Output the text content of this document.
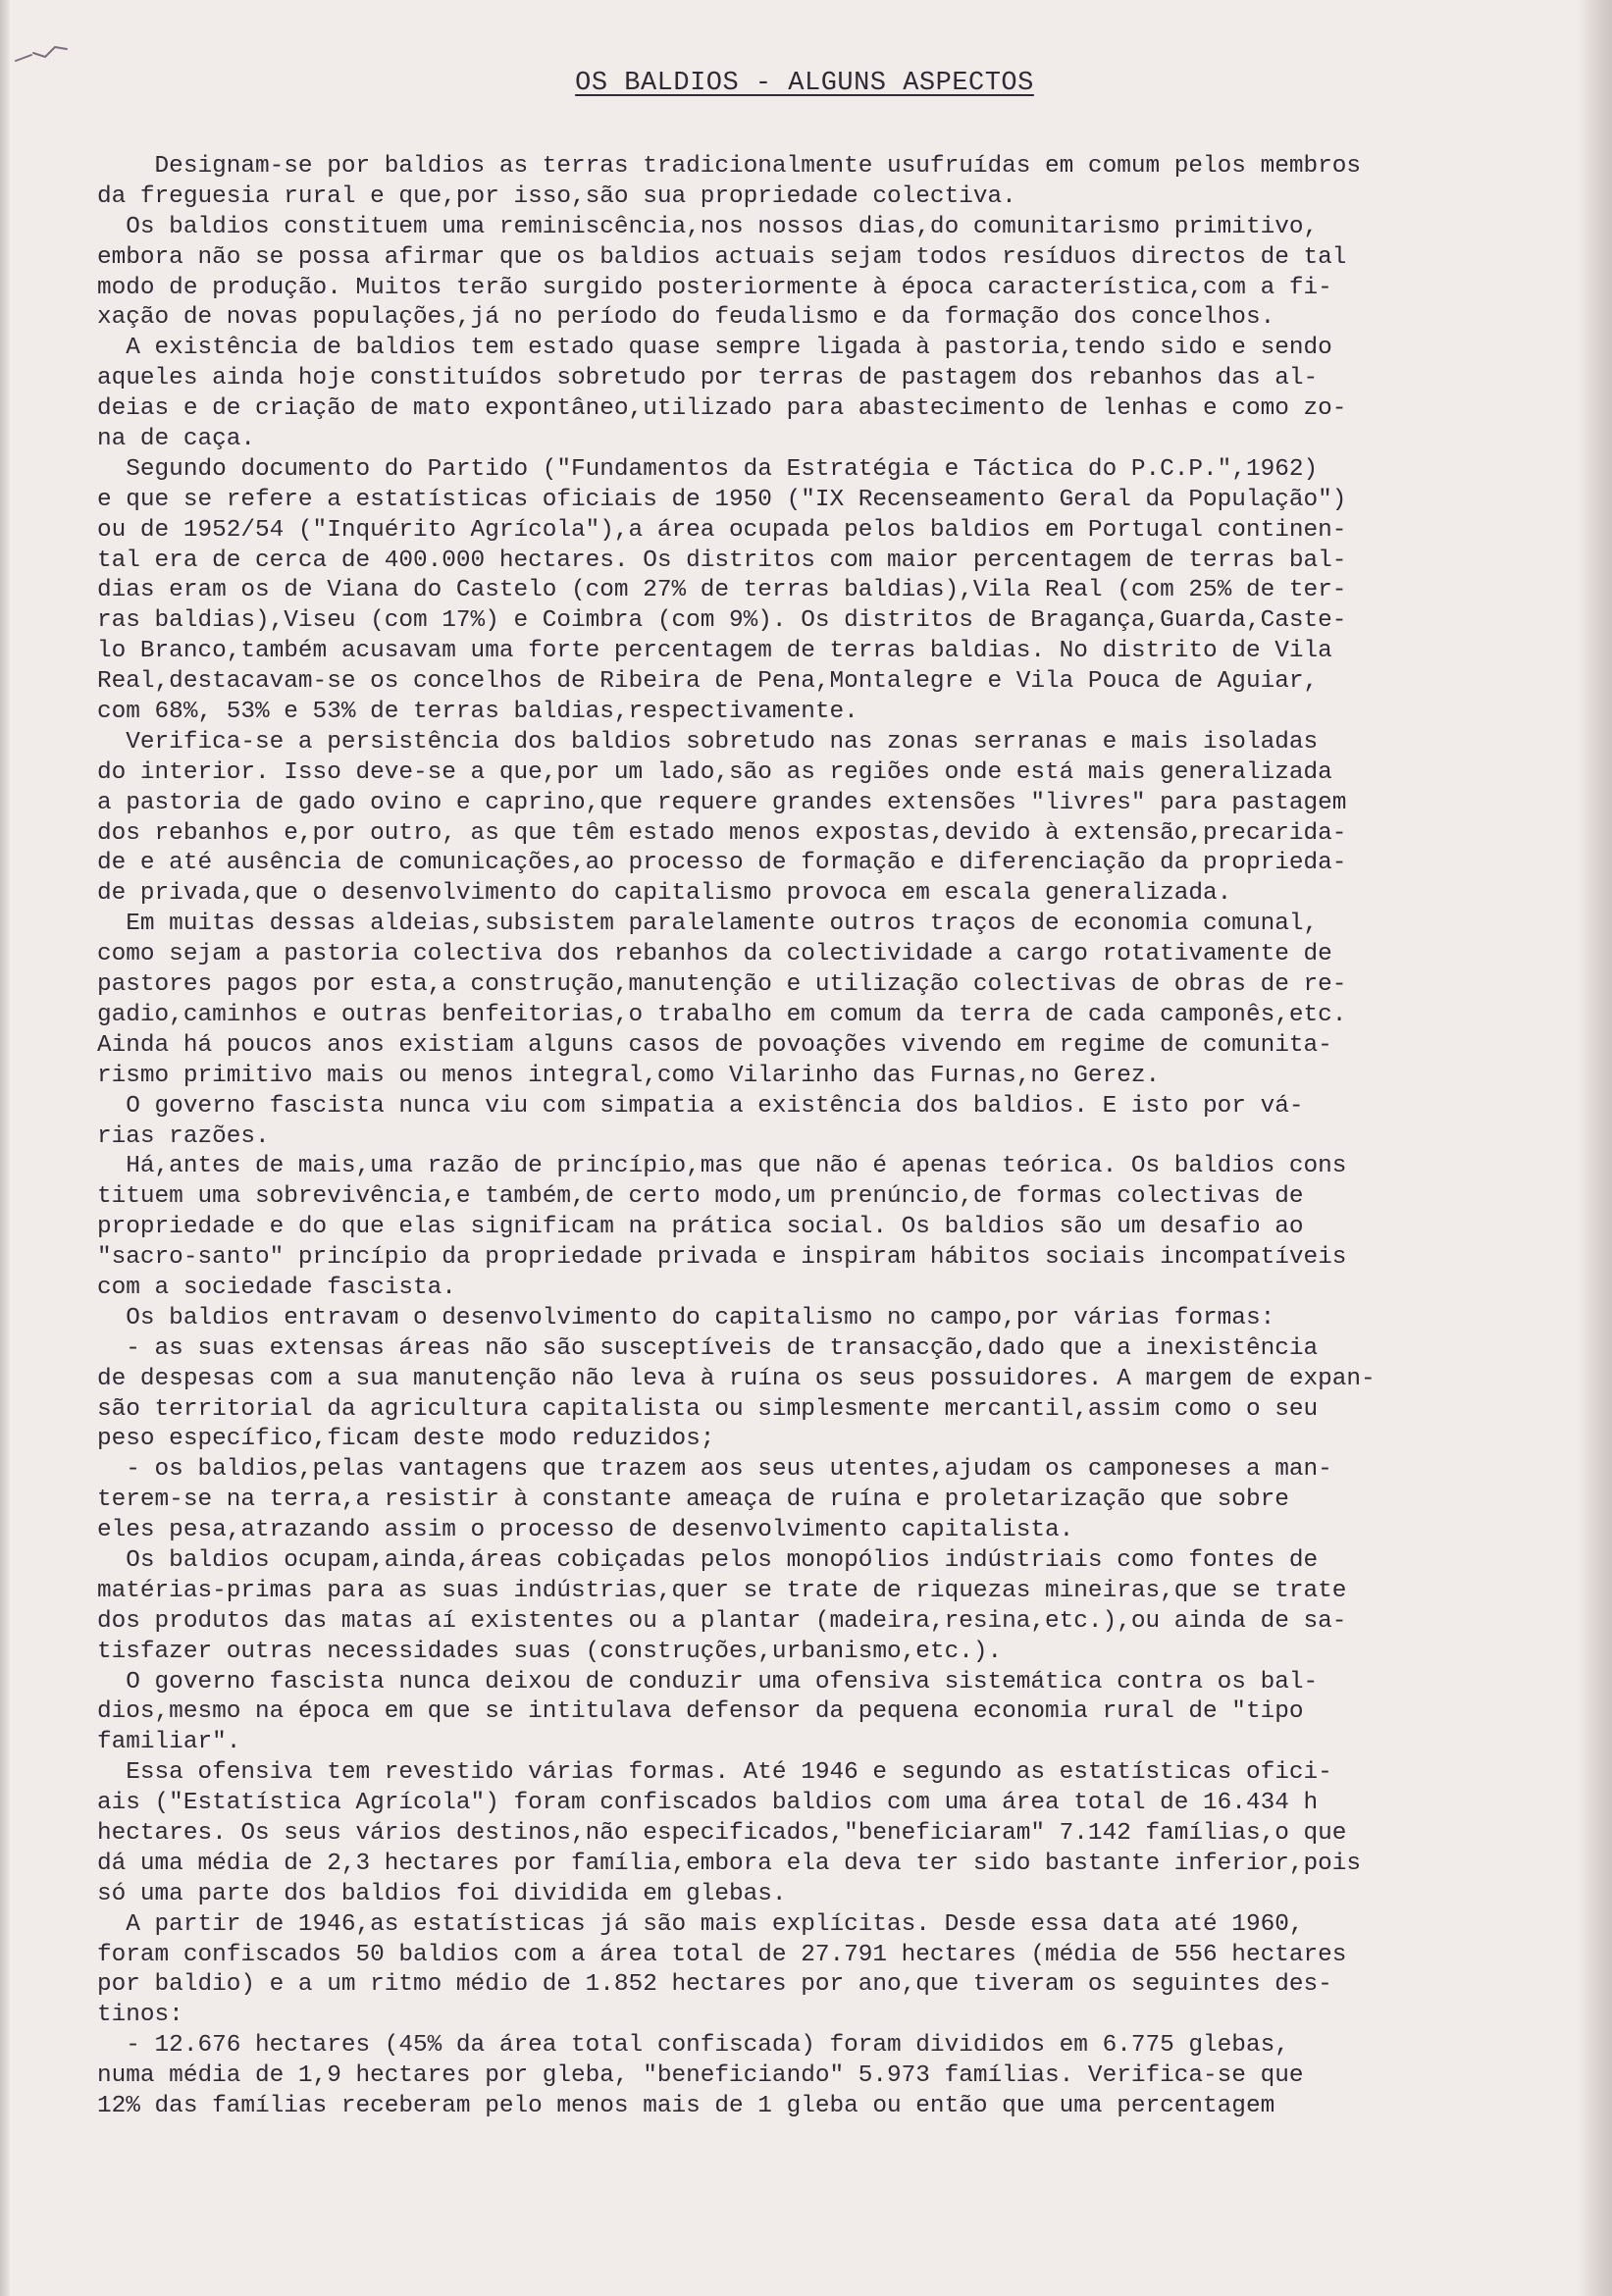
OS BALDIOS - ALGUNS ASPECTOS
Designam-se por baldios as terras tradicionalmente usufruídas em comum pelos membros
da freguesia rural e que,por isso,são sua propriedade colectiva.
Os baldios constituem uma reminiscência,nos nossos dias,do comunitarismo primitivo,
embora não se possa afirmar que os baldios actuais sejam todos resíduos directos de tal
modo de produção. Muitos terão surgido posteriormente à época característica,com a fi-
xação de novas populações,já no período do feudalismo e da formação dos concelhos.
A existência de baldios tem estado quase sempre ligada à pastoria,tendo sido e sendo
aqueles ainda hoje constituídos sobretudo por terras de pastagem dos rebanhos das al-
deias e de criação de mato expontâneo,utilizado para abastecimento de lenhas e como zo-
na de caça.
Segundo documento do Partido ("Fundamentos da Estratégia e Táctica do P.C.P.",1962)
e que se refere a estatísticas oficiais de 1950 ("IX Recenseamento Geral da População")
ou de 1952/54 ("Inquérito Agrícola"),a área ocupada pelos baldios em Portugal continen-
tal era de cerca de 400.000 hectares. Os distritos com maior percentagem de terras bal-
dias eram os de Viana do Castelo (com 27% de terras baldias),Vila Real (com 25% de ter-
ras baldias),Viseu (com 17%) e Coimbra (com 9%). Os distritos de Bragança,Guarda,Caste-
lo Branco,também acusavam uma forte percentagem de terras baldias. No distrito de Vila
Real,destacavam-se os concelhos de Ribeira de Pena,Montalegre e Vila Pouca de Aguiar,
com 68%, 53% e 53% de terras baldias,respectivamente.
Verifica-se a persistência dos baldios sobretudo nas zonas serranas e mais isoladas
do interior. Isso deve-se a que,por um lado,são as regiões onde está mais generalizada
a pastoria de gado ovino e caprino,que requere grandes extensões "livres" para pastagem
dos rebanhos e,por outro, as que têm estado menos expostas,devido à extensão,precarida-
de e até ausência de comunicações,ao processo de formação e diferenciação da proprieda-
de privada,que o desenvolvimento do capitalismo provoca em escala generalizada.
Em muitas dessas aldeias,subsistem paralelamente outros traços de economia comunal,
como sejam a pastoria colectiva dos rebanhos da colectividade a cargo rotativamente de
pastores pagos por esta,a construção,manutenção e utilização colectivas de obras de re-
gadio,caminhos e outras benfeitorias,o trabalho em comum da terra de cada camponês,etc.
Ainda há poucos anos existiam alguns casos de povoações vivendo em regime de comunita-
rismo primitivo mais ou menos integral,como Vilarinho das Furnas,no Gerez.
O governo fascista nunca viu com simpatia a existência dos baldios. E isto por vá-
rias razões.
Há,antes de mais,uma razão de princípio,mas que não é apenas teórica. Os baldios cons
tituem uma sobrevivência,e também,de certo modo,um prenúncio,de formas colectivas de
propriedade e do que elas significam na prática social. Os baldios são um desafio ao
"sacro-santo" princípio da propriedade privada e inspiram hábitos sociais incompatíveis
com a sociedade fascista.
Os baldios entravam o desenvolvimento do capitalismo no campo,por várias formas:
- as suas extensas áreas não são susceptíveis de transacção,dado que a inexistência
de despesas com a sua manutenção não leva à ruína os seus possuidores. A margem de expan-
são territorial da agricultura capitalista ou simplesmente mercantil,assim como o seu
peso específico,ficam deste modo reduzidos;
- os baldios,pelas vantagens que trazem aos seus utentes,ajudam os camponeses a man-
terem-se na terra,a resistir à constante ameaça de ruína e proletarização que sobre
eles pesa,atrazando assim o processo de desenvolvimento capitalista.
Os baldios ocupam,ainda,áreas cobiçadas pelos monopólios indústriais como fontes de
matérias-primas para as suas indústrias,quer se trate de riquezas mineiras,que se trate
dos produtos das matas aí existentes ou a plantar (madeira,resina,etc.),ou ainda de sa-
tisfazer outras necessidades suas (construções,urbanismo,etc.).
O governo fascista nunca deixou de conduzir uma ofensiva sistemática contra os bal-
dios,mesmo na época em que se intitulava defensor da pequena economia rural de "tipo
familiar".
Essa ofensiva tem revestido várias formas. Até 1946 e segundo as estatísticas ofici-
ais ("Estatística Agrícola") foram confiscados baldios com uma área total de 16.434 h
hectares. Os seus vários destinos,não especificados,"beneficiaram" 7.142 famílias,o que
dá uma média de 2,3 hectares por família,embora ela deva ter sido bastante inferior,pois
só uma parte dos baldios foi dividida em glebas.
A partir de 1946,as estatísticas já são mais explícitas. Desde essa data até 1960,
foram confiscados 50 baldios com a área total de 27.791 hectares (média de 556 hectares
por baldio) e a um ritmo médio de 1.852 hectares por ano,que tiveram os seguintes des-
tinos:
- 12.676 hectares (45% da área total confiscada) foram divididos em 6.775 glebas,
numa média de 1,9 hectares por gleba, "beneficiando" 5.973 famílias. Verifica-se que
12% das famílias receberam pelo menos mais de 1 gleba ou então que uma percentagem
